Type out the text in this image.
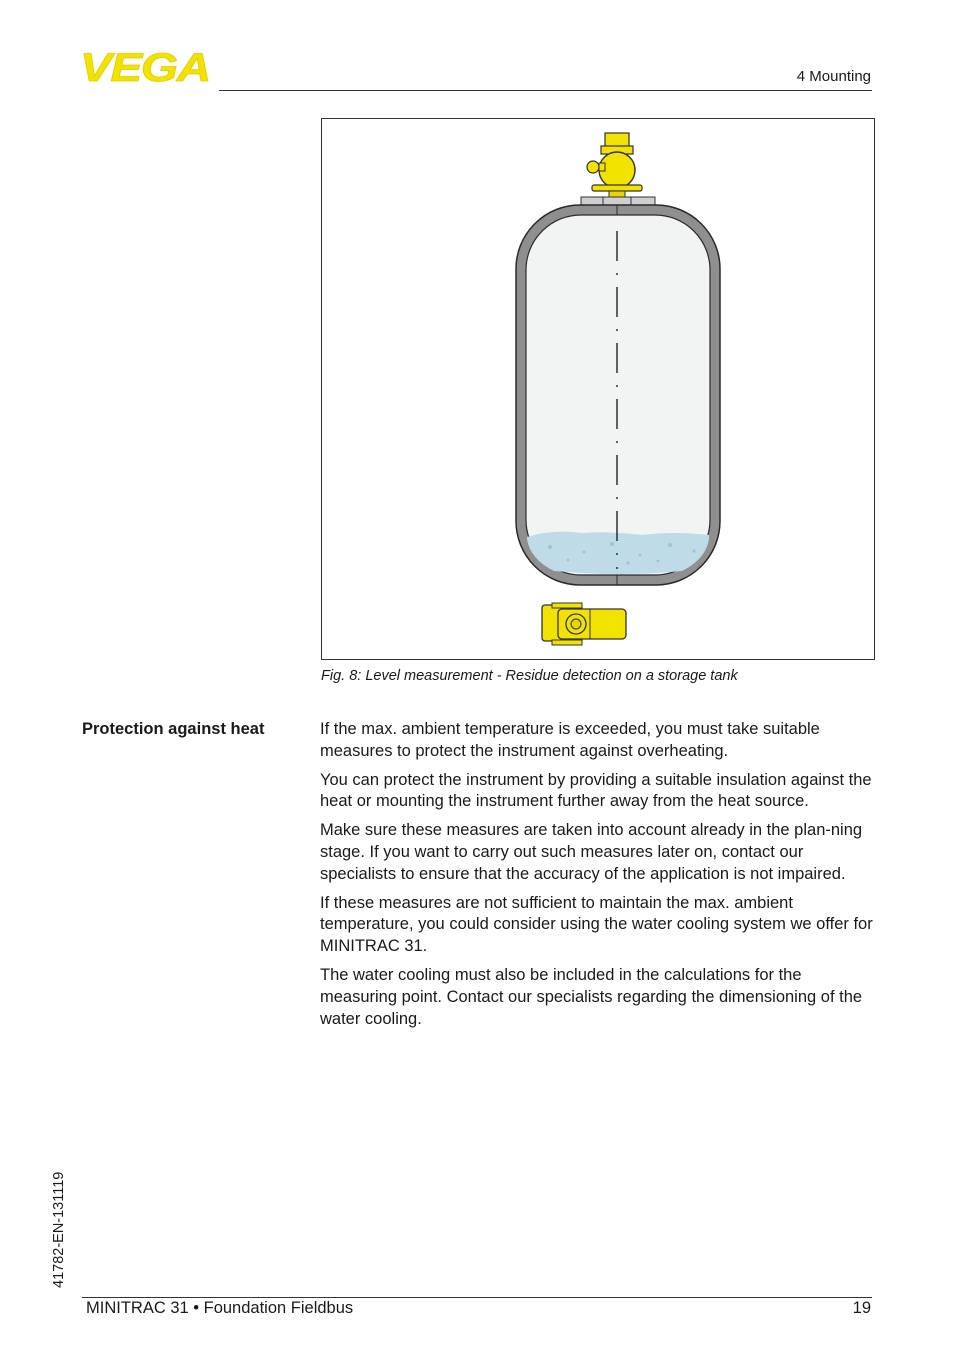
VEGA	4 Mounting
Fig. 8: Level measurement - Residue detection on a storage tank
Protection against heat	If the max. ambient temperature is exceeded, you must take suitable measures to protect the instrument against overheating.

You can protect the instrument by providing a suitable insulation against the heat or mounting the instrument further away from the heat source.

Make sure these measures are taken into account already in the plan-ning stage. If you want to carry out such measures later on, contact our specialists to ensure that the accuracy of the application is not impaired.

If these measures are not sufficient to maintain the max. ambient temperature, you could consider using the water cooling system we offer for MINITRAC 31.

The water cooling must also be included in the calculations for the measuring point. Contact our specialists regarding the dimensioning of the water cooling.

41782-EN-131119
MINITRAC 31 • Foundation Fieldbus	19
